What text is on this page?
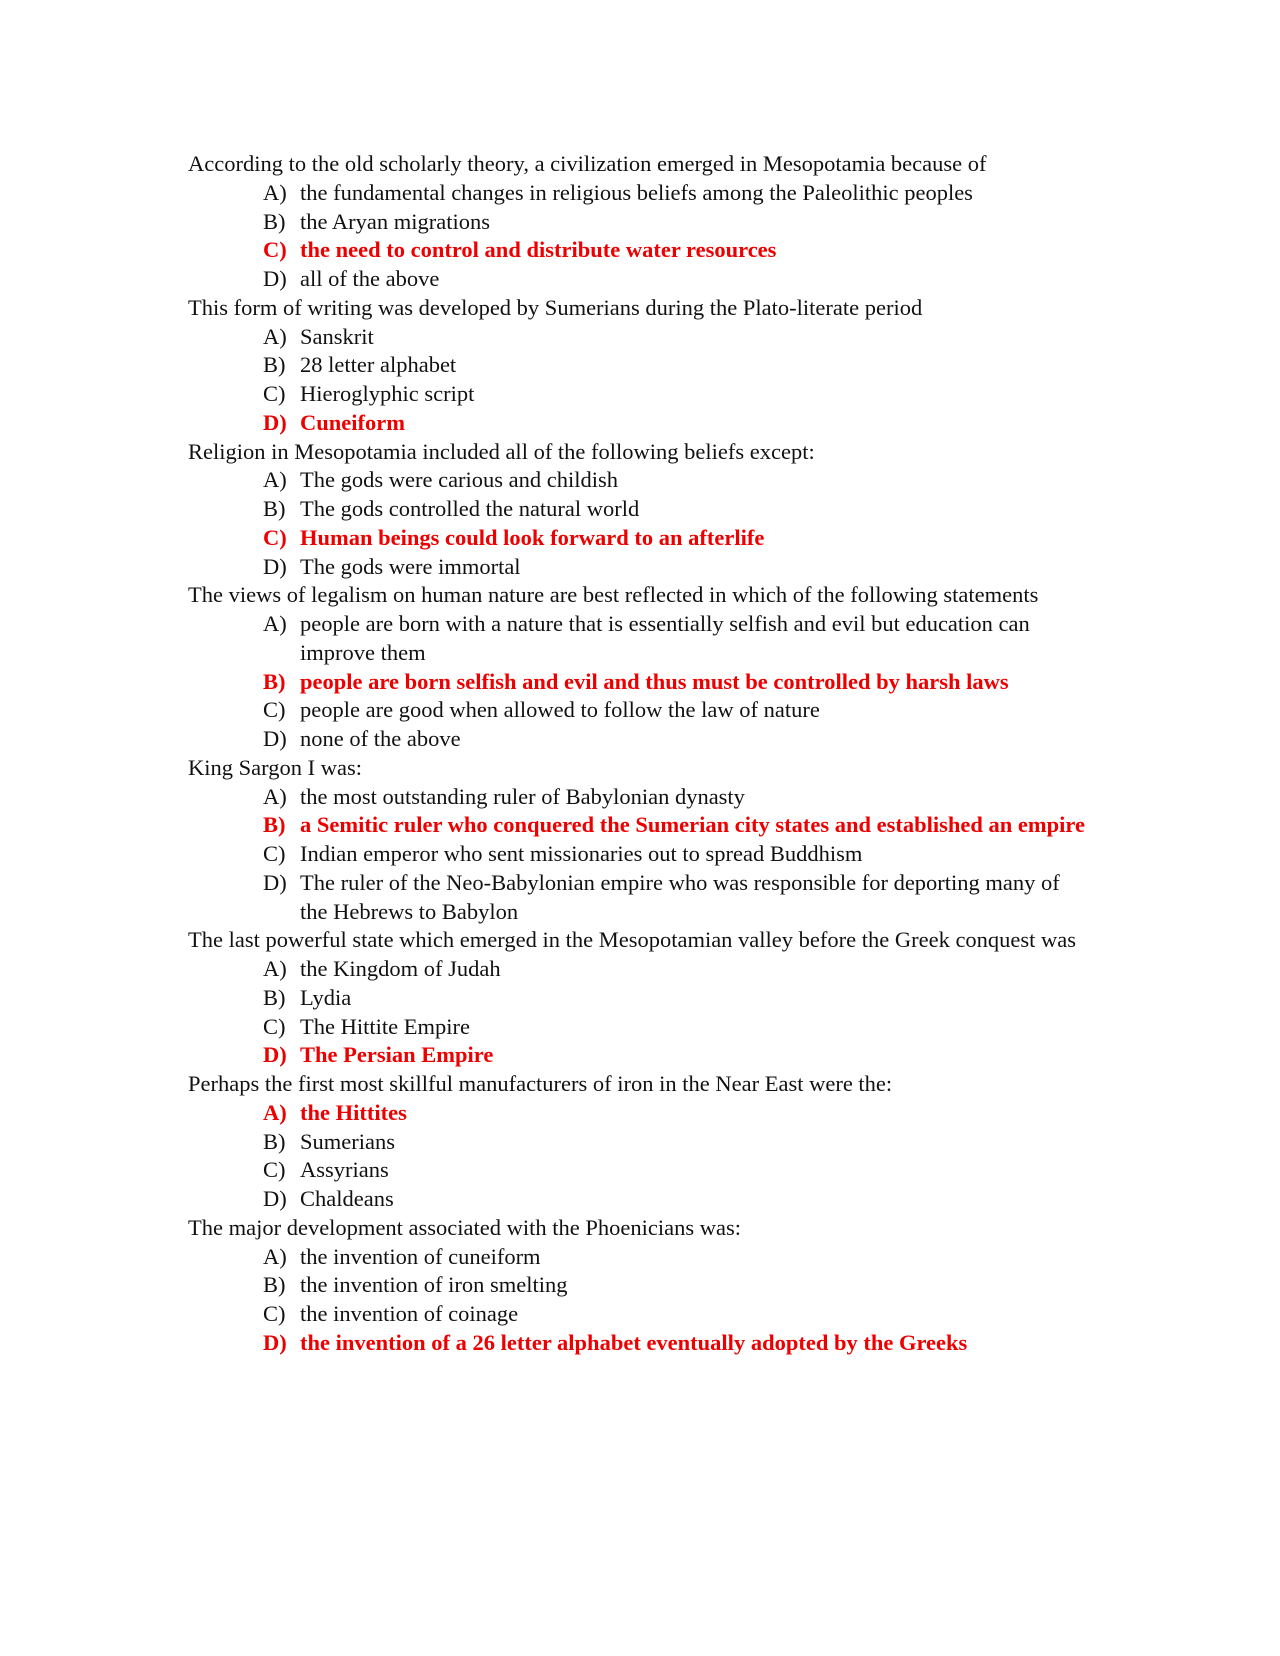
According to the old scholarly theory, a civilization emerged in Mesopotamia because of

A) the fundamental changes in religious beliefs among the Paleolithic peoples
B) the Aryan migrations
C) the need to control and distribute water resources
D) all of the above

This form of writing was developed by Sumerians during the Plato-literate period

A) Sanskrit
B) 28 letter alphabet
C) Hieroglyphic script
D) Cuneiform

Religion in Mesopotamia included all of the following beliefs except:

A) The gods were carious and childish
B) The gods controlled the natural world
C) Human beings could look forward to an afterlife
D) The gods were immortal

The views of legalism on human nature are best reflected in which of the following statements

A) people are born with a nature that is essentially selfish and evil but education can improve them
B) people are born selfish and evil and thus must be controlled by harsh laws
C) people are good when allowed to follow the law of nature
D) none of the above

King Sargon I was:

A) the most outstanding ruler of Babylonian dynasty
B) a Semitic ruler who conquered the Sumerian city states and established an empire
C) Indian emperor who sent missionaries out to spread Buddhism
D) The ruler of the Neo-Babylonian empire who was responsible for deporting many of the Hebrews to Babylon

The last powerful state which emerged in the Mesopotamian valley before the Greek conquest was

A) the Kingdom of Judah
B) Lydia
C) The Hittite Empire
D) The Persian Empire

Perhaps the first most skillful manufacturers of iron in the Near East were the:

A) the Hittites
B) Sumerians
C) Assyrians
D) Chaldeans

The major development associated with the Phoenicians was:

A) the invention of cuneiform
B) the invention of iron smelting
C) the invention of coinage
D) the invention of a 26 letter alphabet eventually adopted by the Greeks
